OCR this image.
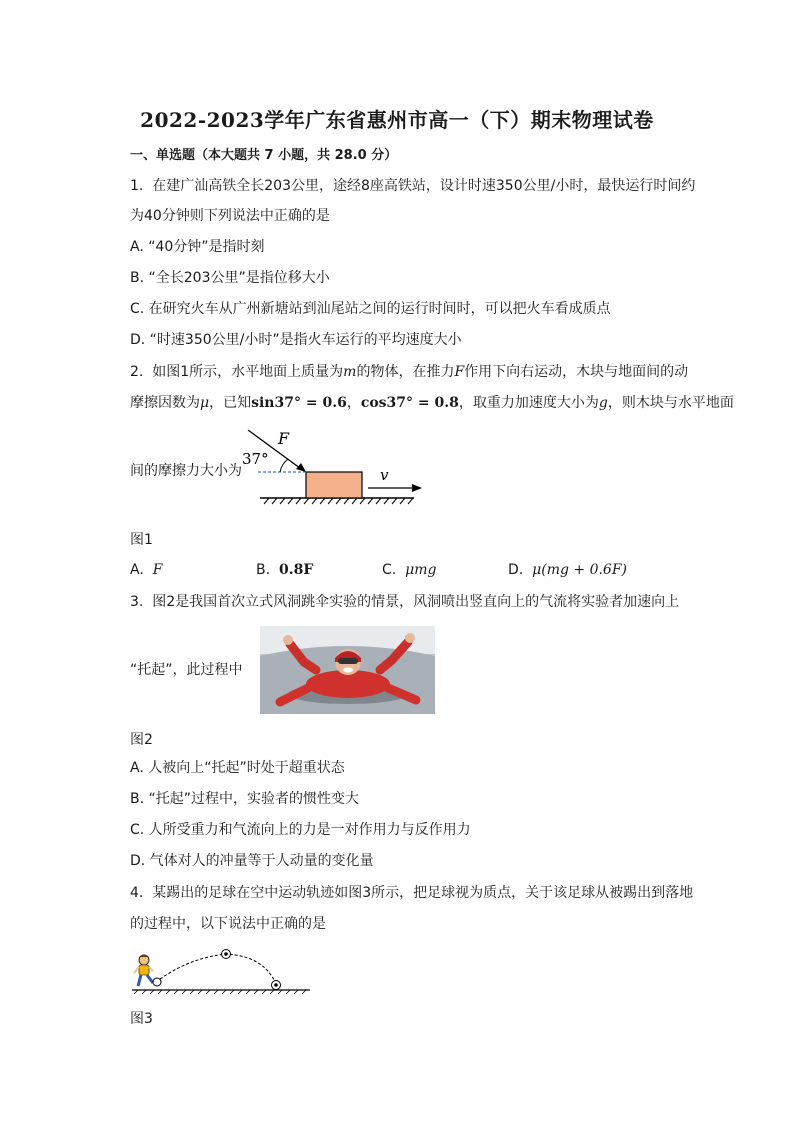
2022-2023学年广东省惠州市高一（下）期末物理试卷
一、单选题（本大题共 7 小题，共 28.0 分）
1.  在建广汕高铁全长203公里，途经8座高铁站，设计时速350公里/小时，最快运行时间约
为40分钟则下列说法中正确的是
A. “40分钟”是指时刻
B. “全长203公里”是指位移大小
C. 在研究火车从广州新塘站到汕尾站之间的运行时间时，可以把火车看成质点
D. “时速350公里/小时”是指火车运行的平均速度大小
2.  如图1所示，水平地面上质量为m的物体，在推力F作用下向右运动，木块与地面间的动
摩擦因数为μ，已知sin37° = 0.6，cos37° = 0.8，取重力加速度大小为g，则木块与水平地面
间的摩擦力大小为
37°
F
v
图1
A. F	B. 0.8F	C. μmg	D. μ(mg + 0.6F)
3.  图2是我国首次立式风洞跳伞实验的情景，风洞喷出竖直向上的气流将实验者加速向上
“托起”，此过程中
图2
A. 人被向上“托起”时处于超重状态
B. “托起”过程中，实验者的惯性变大
C. 人所受重力和气流向上的力是一对作用力与反作用力
D. 气体对人的冲量等于人动量的变化量
4.  某踢出的足球在空中运动轨迹如图3所示，把足球视为质点，关于该足球从被踢出到落地
的过程中，以下说法中正确的是
图3
